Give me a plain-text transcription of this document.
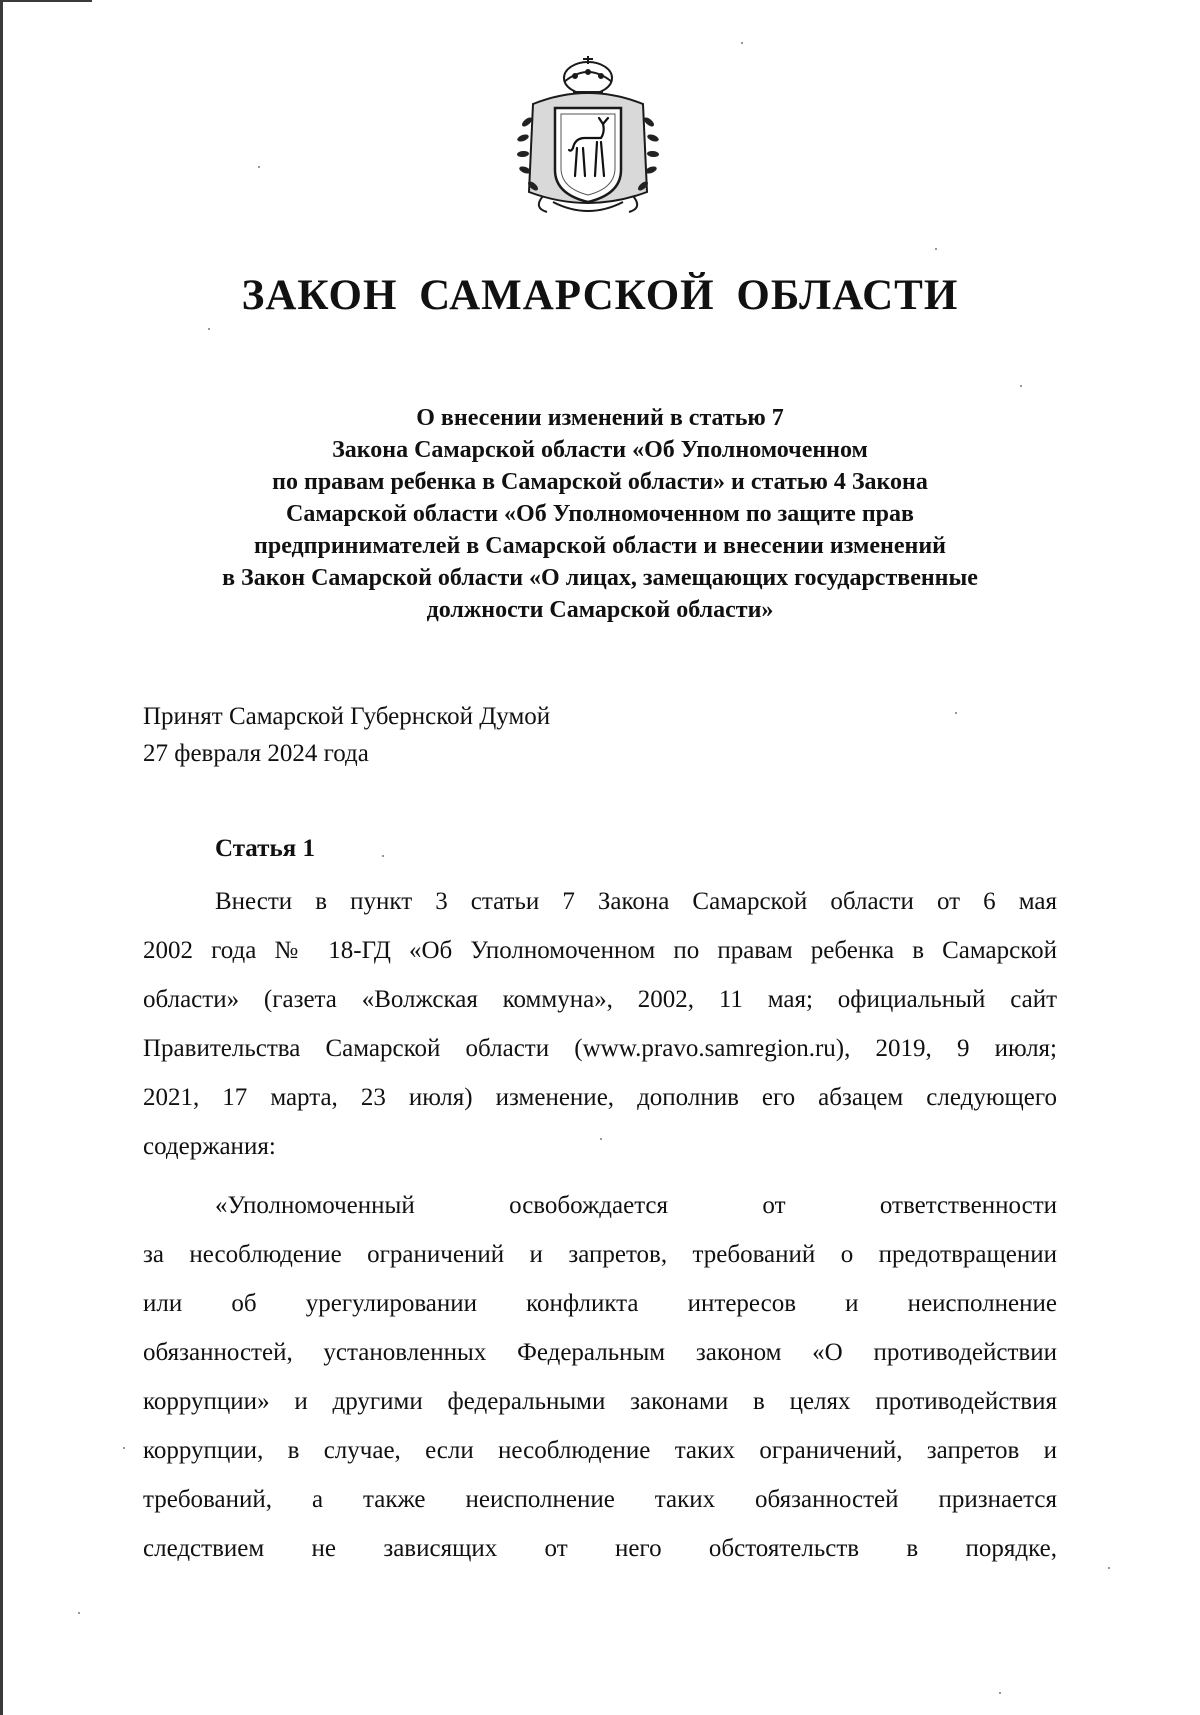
ЗАКОН САМАРСКОЙ ОБЛАСТИ
О внесении изменений в статью 7
Закона Самарской области «Об Уполномоченном
по правам ребенка в Самарской области» и статью 4 Закона
Самарской области «Об Уполномоченном по защите прав
предпринимателей в Самарской области и внесении изменений
в Закон Самарской области «О лицах, замещающих государственные
должности Самарской области»
Принят Самарской Губернской Думой
27 февраля 2024 года
Статья 1
Внести в пункт 3 статьи 7 Закона Самарской области от 6 мая
2002 года № 18-ГД «Об Уполномоченном по правам ребенка в Самарской
области» (газета «Волжская коммуна», 2002, 11 мая; официальный сайт
Правительства Самарской области (www.pravo.samregion.ru), 2019, 9 июля;
2021, 17 марта, 23 июля) изменение, дополнив его абзацем следующего
содержания:
«Уполномоченный освобождается от ответственности
за несоблюдение ограничений и запретов, требований о предотвращении
или об урегулировании конфликта интересов и неисполнение
обязанностей, установленных Федеральным законом «О противодействии
коррупции» и другими федеральными законами в целях противодействия
коррупции, в случае, если несоблюдение таких ограничений, запретов и
требований, а также неисполнение таких обязанностей признается
следствием не зависящих от него обстоятельств в порядке,
